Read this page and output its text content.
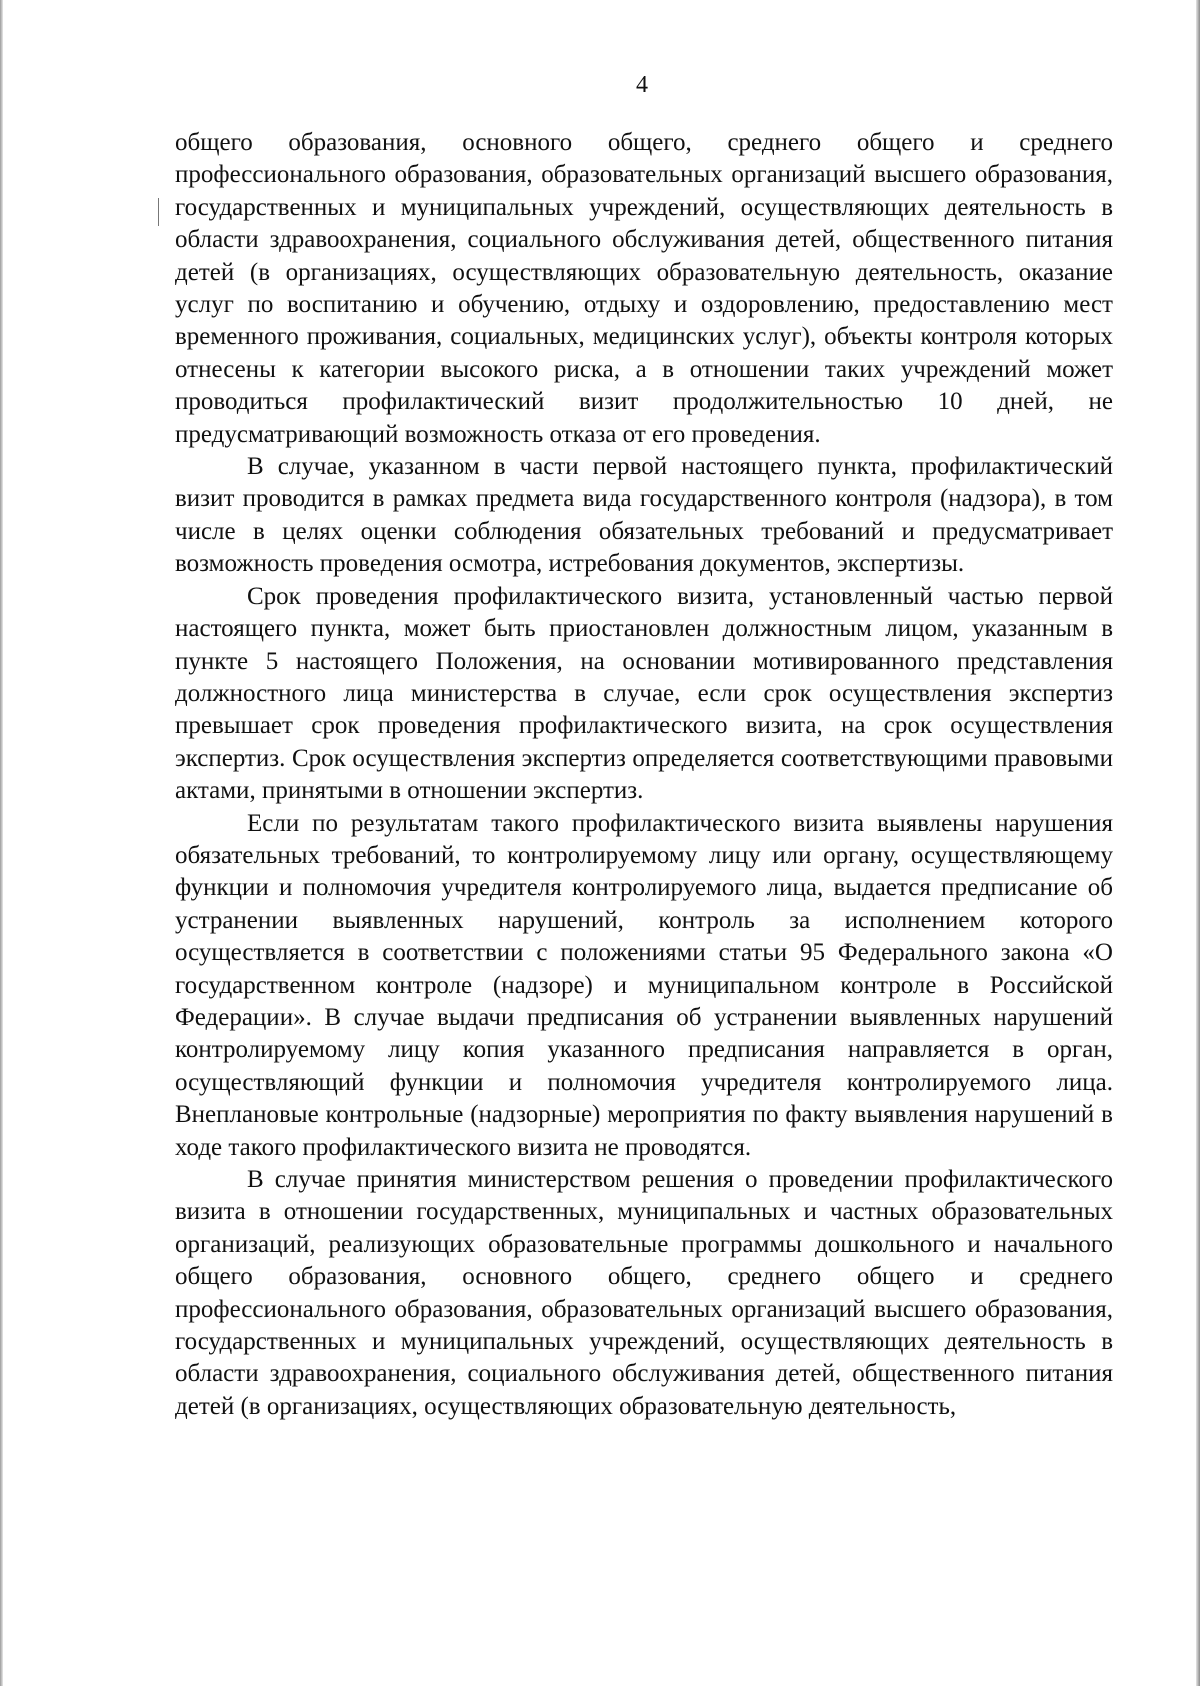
4

общего образования, основного общего, среднего общего и среднего профессионального образования, образовательных организаций высшего образования, государственных и муниципальных учреждений, осуществляющих деятельность в области здравоохранения, социального обслуживания детей, общественного питания детей (в организациях, осуществляющих образовательную деятельность, оказание услуг по воспитанию и обучению, отдыху и оздоровлению, предоставлению мест временного проживания, социальных, медицинских услуг), объекты контроля которых отнесены к категории высокого риска, а в отношении таких учреждений может проводиться профилактический визит продолжительностью 10 дней, не предусматривающий возможность отказа от его проведения.

В случае, указанном в части первой настоящего пункта, профилактический визит проводится в рамках предмета вида государственного контроля (надзора), в том числе в целях оценки соблюдения обязательных требований и предусматривает возможность проведения осмотра, истребования документов, экспертизы.

Срок проведения профилактического визита, установленный частью первой настоящего пункта, может быть приостановлен должностным лицом, указанным в пункте 5 настоящего Положения, на основании мотивированного представления должностного лица министерства в случае, если срок осуществления экспертиз превышает срок проведения профилактического визита, на срок осуществления экспертиз. Срок осуществления экспертиз определяется соответствующими правовыми актами, принятыми в отношении экспертиз.

Если по результатам такого профилактического визита выявлены нарушения обязательных требований, то контролируемому лицу или органу, осуществляющему функции и полномочия учредителя контролируемого лица, выдается предписание об устранении выявленных нарушений, контроль за исполнением которого осуществляется в соответствии с положениями статьи 95 Федерального закона «О государственном контроле (надзоре) и муниципальном контроле в Российской Федерации». В случае выдачи предписания об устранении выявленных нарушений контролируемому лицу копия указанного предписания направляется в орган, осуществляющий функции и полномочия учредителя контролируемого лица. Внеплановые контрольные (надзорные) мероприятия по факту выявления нарушений в ходе такого профилактического визита не проводятся.

В случае принятия министерством решения о проведении профилактического визита в отношении государственных, муниципальных и частных образовательных организаций, реализующих образовательные программы дошкольного и начального общего образования, основного общего, среднего общего и среднего профессионального образования, образовательных организаций высшего образования, государственных и муниципальных учреждений, осуществляющих деятельность в области здравоохранения, социального обслуживания детей, общественного питания детей (в организациях, осуществляющих образовательную деятельность,
